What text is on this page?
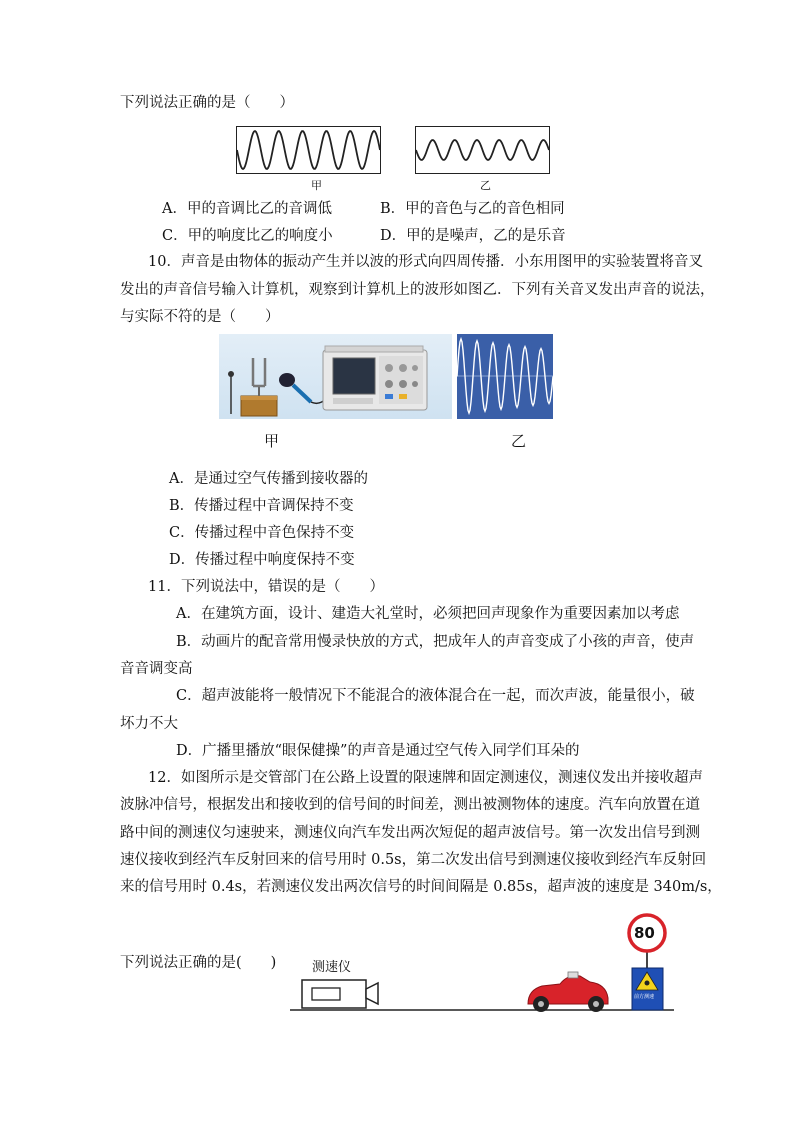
下列说法正确的是（　　）
甲	乙
A．甲的音调比乙的音调低	B．甲的音色与乙的音色相同
C．甲的响度比乙的响度小	D．甲的是噪声，乙的是乐音
10．声音是由物体的振动产生并以波的形式向四周传播．小东用图甲的实验装置将音叉
发出的声音信号输入计算机，观察到计算机上的波形如图乙．下列有关音叉发出声音的说法，
与实际不符的是（　　）
甲	乙
A．是通过空气传播到接收器的
B．传播过程中音调保持不变
C．传播过程中音色保持不变
D．传播过程中响度保持不变
11．下列说法中，错误的是（　　）
A．在建筑方面，设计、建造大礼堂时，必须把回声现象作为重要因素加以考虑
B．动画片的配音常用慢录快放的方式，把成年人的声音变成了小孩的声音，使声
音音调变高
C．超声波能将一般情况下不能混合的液体混合在一起，而次声波，能量很小，破
坏力不大
D．广播里播放“眼保健操”的声音是通过空气传入同学们耳朵的
12．如图所示是交管部门在公路上设置的限速牌和固定测速仪，测速仪发出并接收超声
波脉冲信号，根据发出和接收到的信号间的时间差，测出被测物体的速度。汽车向放置在道
路中间的测速仪匀速驶来，测速仪向汽车发出两次短促的超声波信号。第一次发出信号到测
速仪接收到经汽车反射回来的信号用时 0.5s，第二次发出信号到测速仪接收到经汽车反射回
来的信号用时 0.4s，若测速仪发出两次信号的时间间隔是 0.85s，超声波的速度是 340m/s，
下列说法正确的是(　　)	测速仪
80
前方测速
